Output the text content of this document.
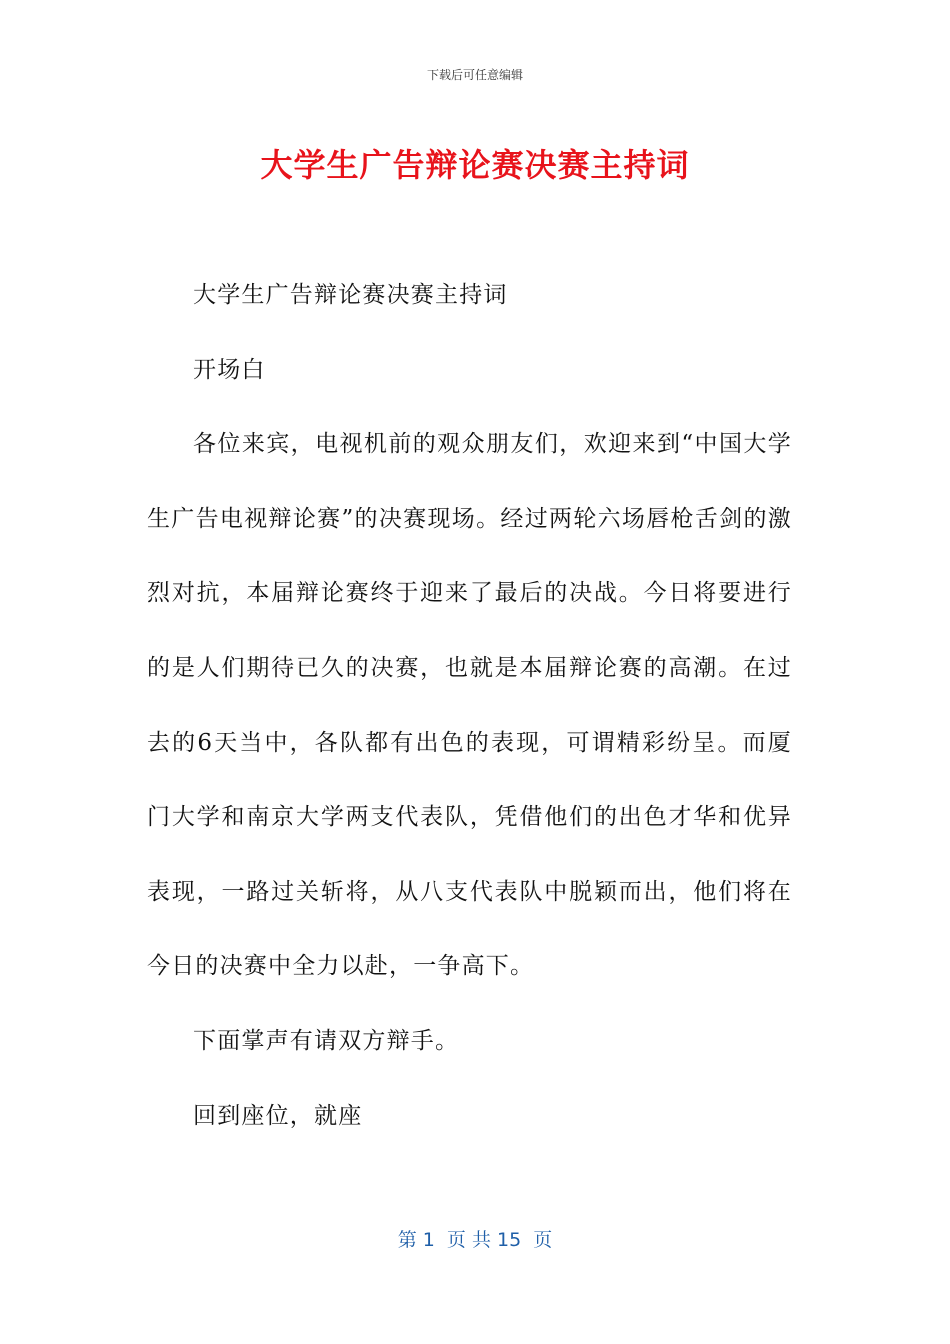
下载后可任意编辑
大学生广告辩论赛决赛主持词

大学生广告辩论赛决赛主持词

开场白

各位来宾，电视机前的观众朋友们，欢迎来到“中国大学生广告电视辩论赛”的决赛现场。经过两轮六场唇枪舌剑的激烈对抗，本届辩论赛终于迎来了最后的决战。今日将要进行的是人们期待已久的决赛，也就是本届辩论赛的高潮。在过去的6天当中，各队都有出色的表现，可谓精彩纷呈。而厦门大学和南京大学两支代表队，凭借他们的出色才华和优异表现，一路过关斩将，从八支代表队中脱颖而出，他们将在今日的决赛中全力以赴，一争高下。

下面掌声有请双方辩手。

回到座位，就座

第 1  页 共 15  页
